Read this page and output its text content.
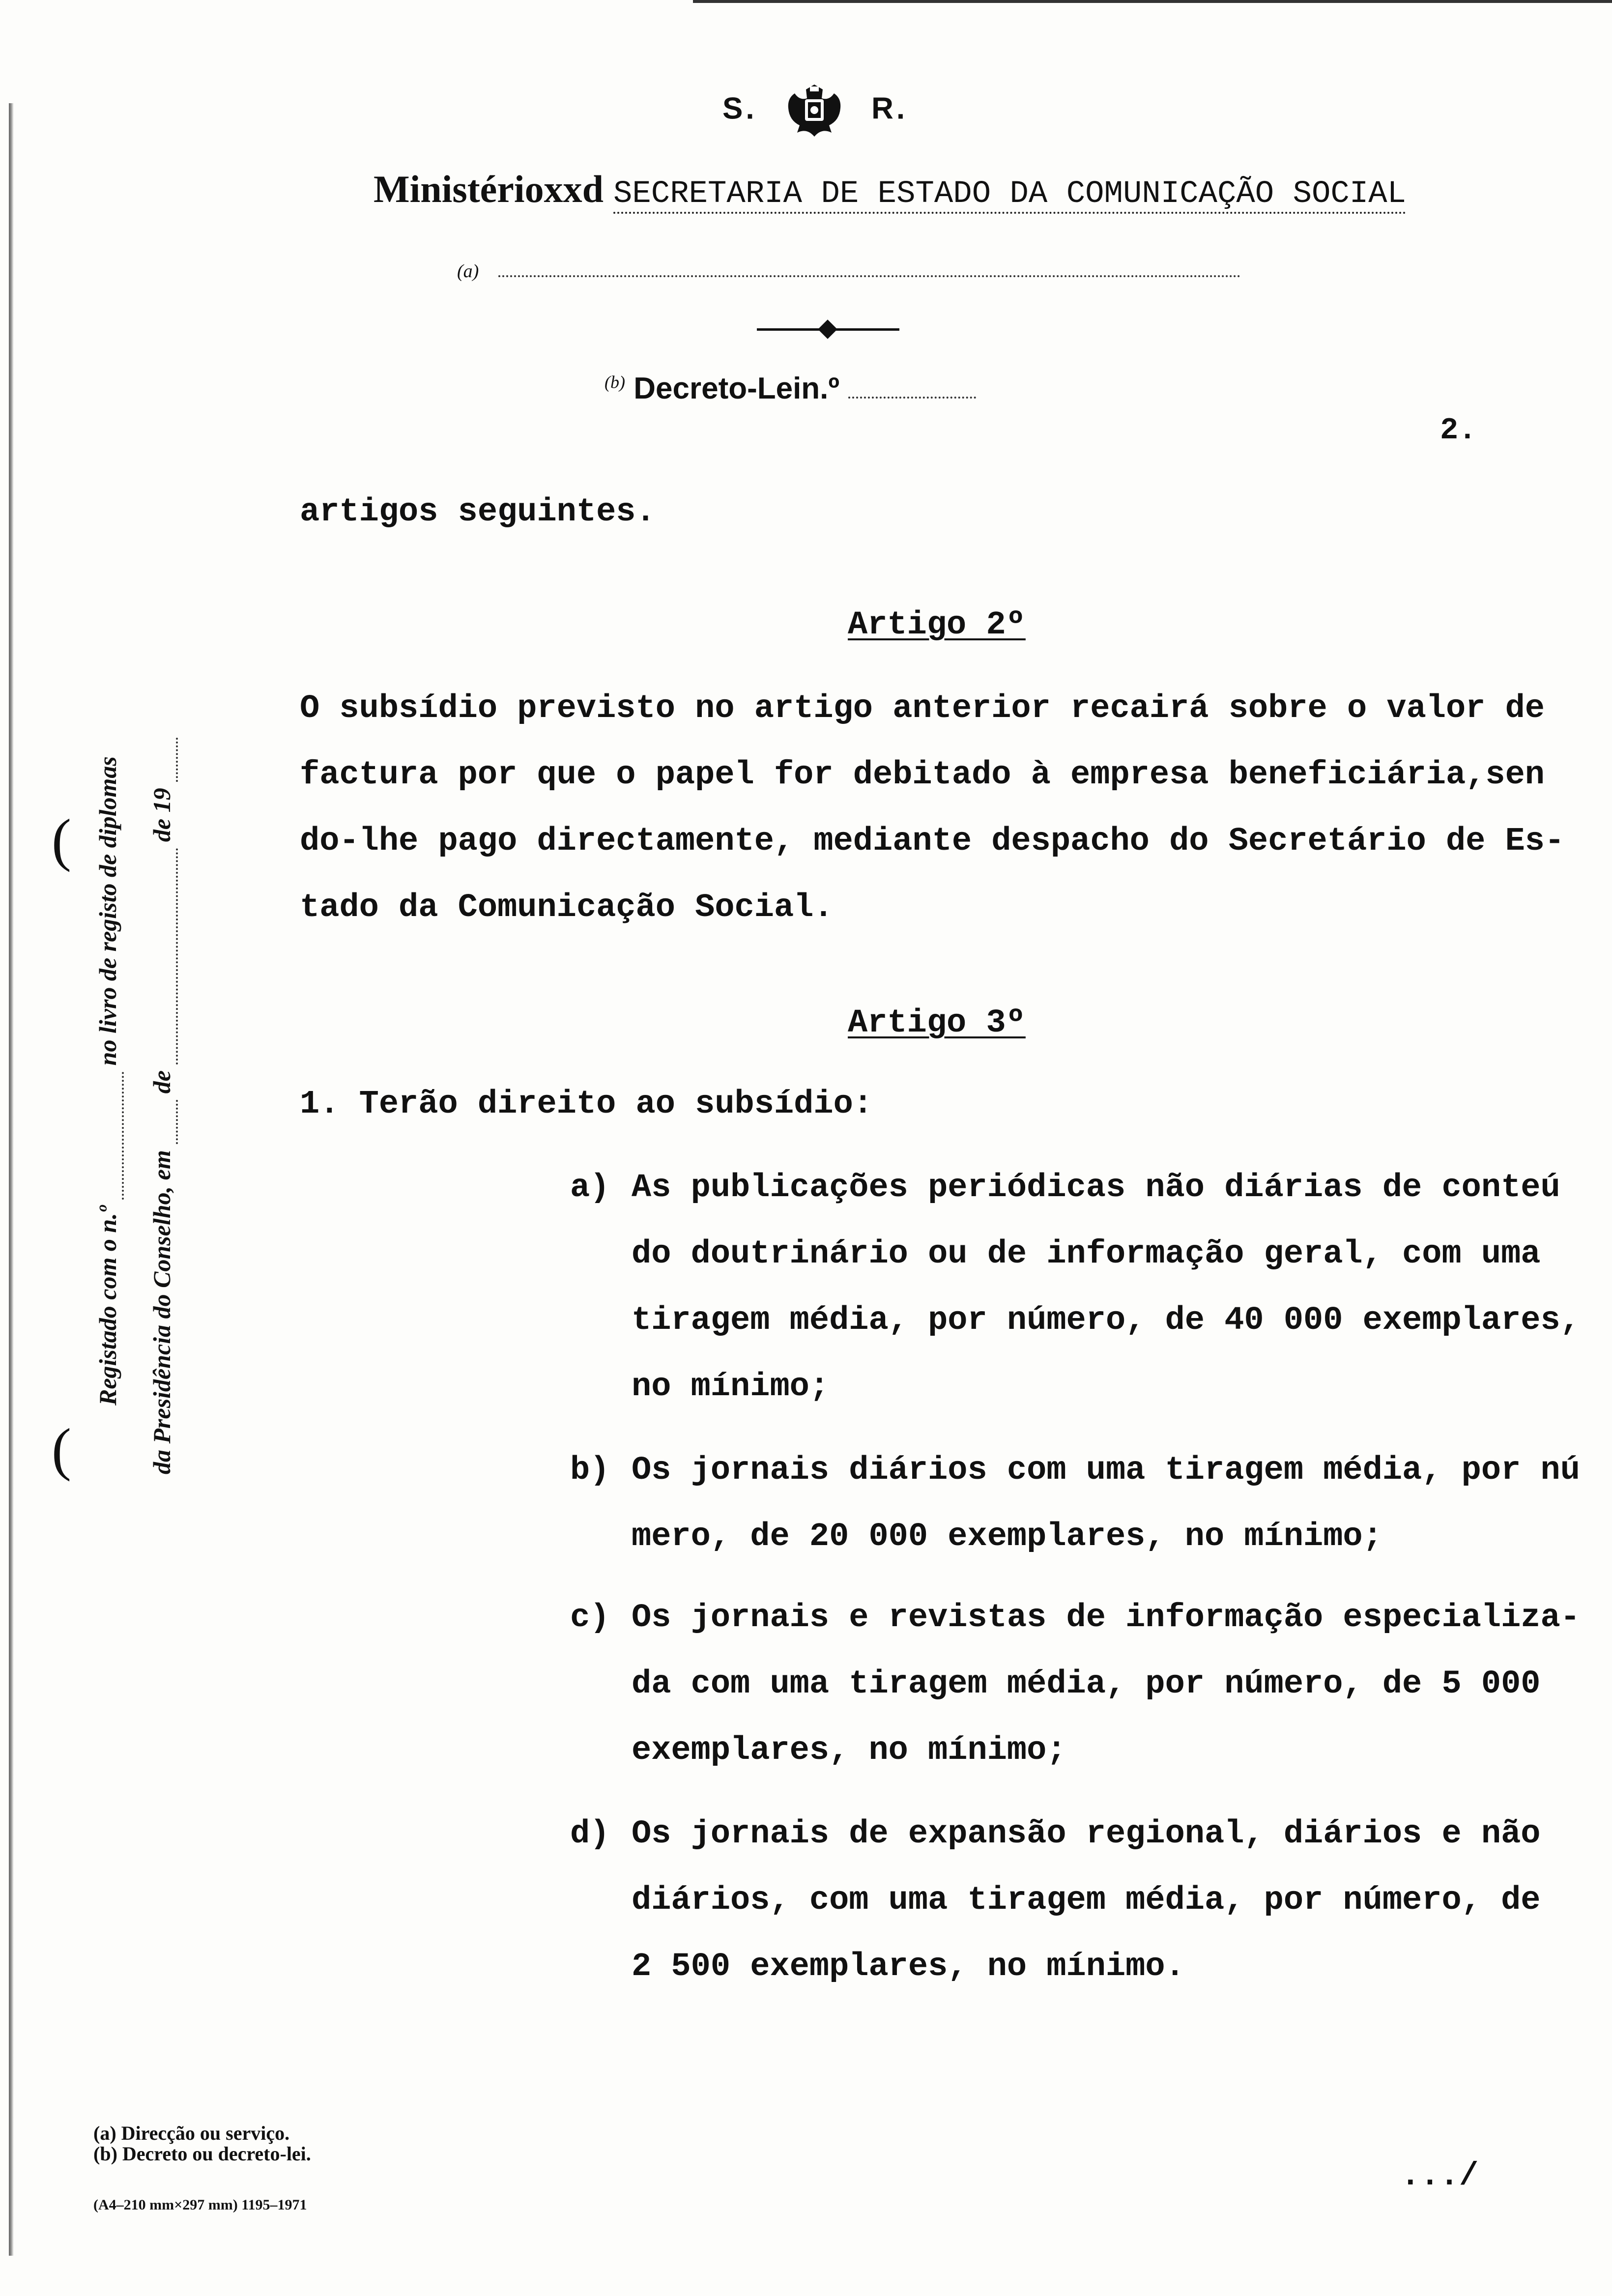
S.	R.
Ministérioxxd SECRETARIA DE ESTADO DA COMUNICAÇÃO SOCIAL
(a)
$^{(b)}$ Decreto-Lein.º
2.
artigos seguintes.
Artigo 2º
O subsídio previsto no artigo anterior recairá sobre o valor de
factura por que o papel for debitado à empresa beneficiária,sen
do-lhe pago directamente, mediante despacho do Secretário de Es-
tado da Comunicação Social.
Artigo 3º
1. Terão direito ao subsídio:
a) As publicações periódicas não diárias de conteú
do doutrinário ou de informação geral, com uma
tiragem média, por número, de 40 000 exemplares,
no mínimo;
b) Os jornais diários com uma tiragem média, por nú
mero, de 20 000 exemplares, no mínimo;
c) Os jornais e revistas de informação especializa-
da com uma tiragem média, por número, de 5 000
exemplares, no mínimo;
d) Os jornais de expansão regional, diários e não
diários, com uma tiragem média, por número, de
2 500 exemplares, no mínimo.
Registado com o n.º   no livro de registo de diplomas
da Presidência do Conselho, em   de   de 19
(
(
(a) Direcção ou serviço.
(b) Decreto ou decreto-lei.
(A4–210 mm×297 mm) 1195–1971
.../
